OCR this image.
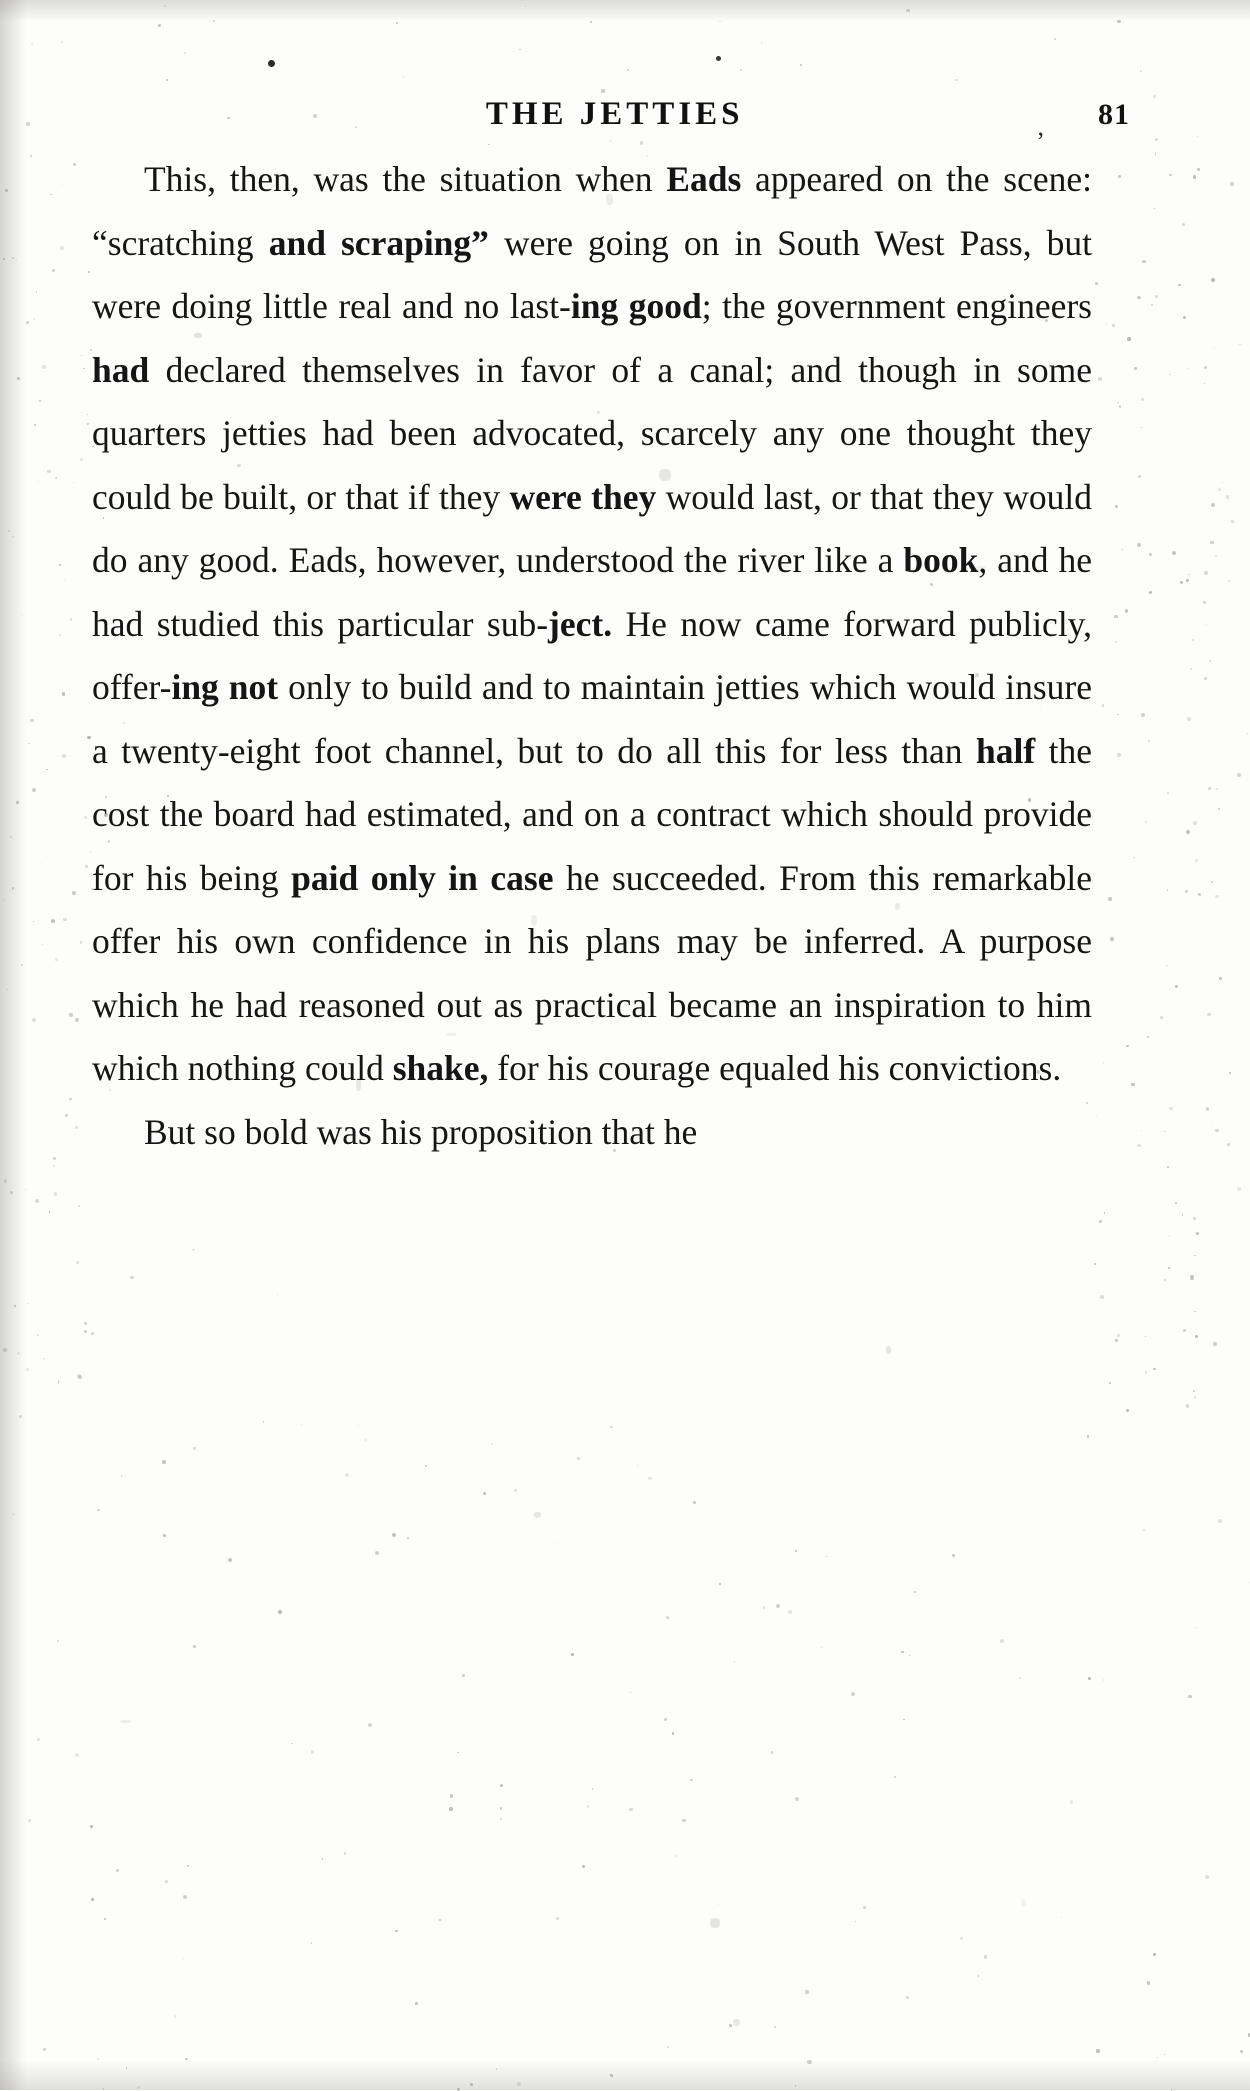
THE JETTIES	, 81

This, then, was the situation when Eads appeared on the scene: “scratching and scraping” were going on in South West Pass, but were doing little real and no last-ing good; the government engineers had declared themselves in favor of a canal; and though in some quarters jetties had been advocated, scarcely any one thought they could be built, or that if they were they would last, or that they would do any good. Eads, however, understood the river like a book, and he had studied this particular sub-ject. He now came forward publicly, offer-ing not only to build and to maintain jetties which would insure a twenty-eight foot channel, but to do all this for less than half the cost the board had estimated, and on a contract which should provide for his being paid only in case he succeeded. From this remarkable offer his own confidence in his plans may be inferred. A purpose which he had reasoned out as practical became an inspiration to him which nothing could shake, for his courage equaled his convictions.

But so bold was his proposition that he
